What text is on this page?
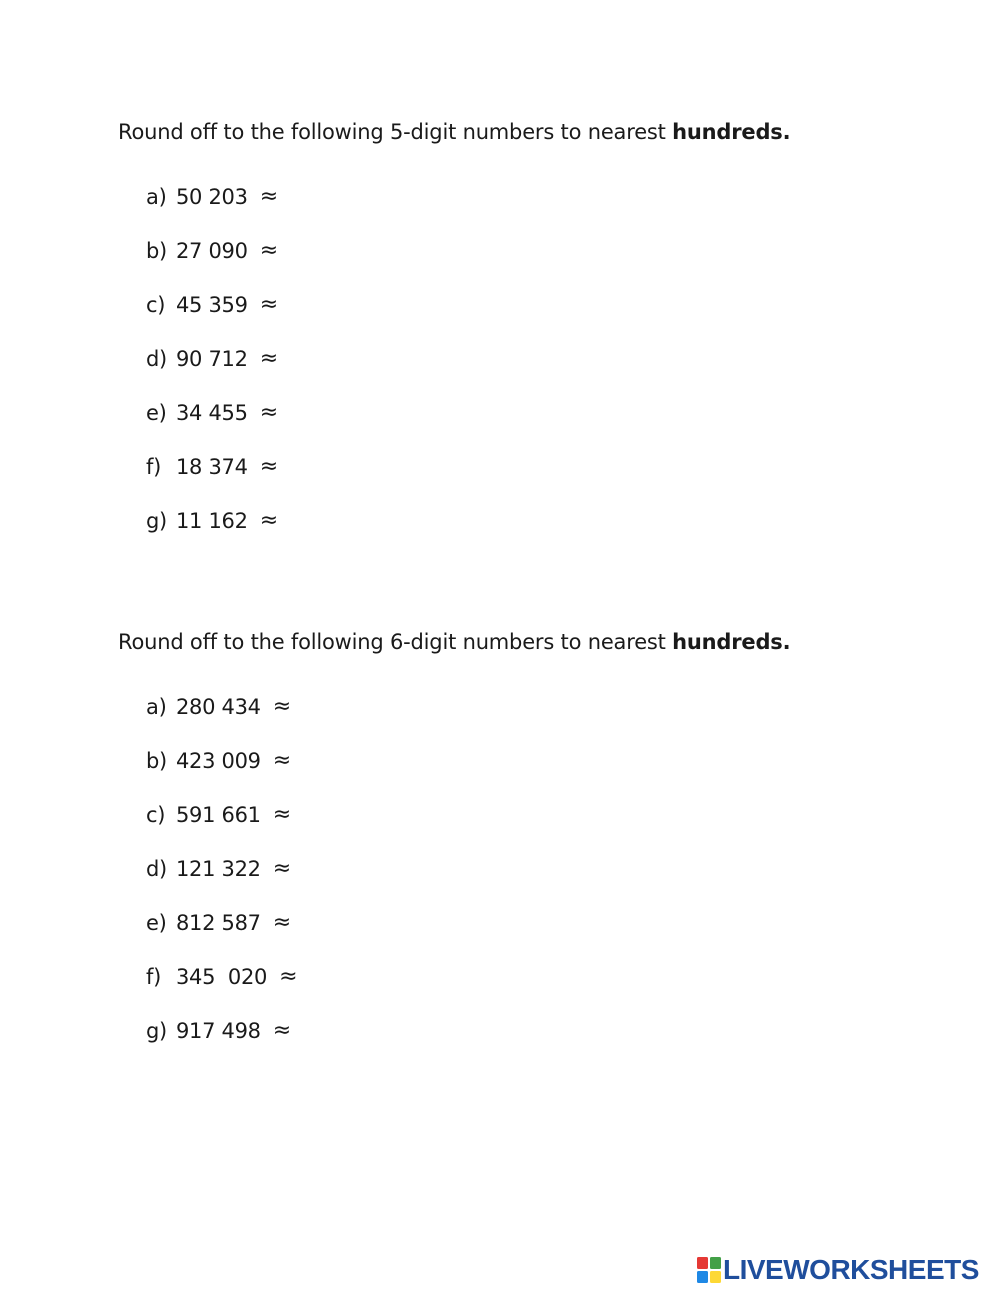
Round off to the following 5-digit numbers to nearest hundreds.

a) 50 203 ≈
b) 27 090 ≈
c) 45 359 ≈
d) 90 712 ≈
e) 34 455 ≈
f) 18 374 ≈
g) 11 162 ≈

Round off to the following 6-digit numbers to nearest hundreds.

a) 280 434 ≈
b) 423 009 ≈
c) 591 661 ≈
d) 121 322 ≈
e) 812 587 ≈
f) 345  020 ≈
g) 917 498 ≈
LIVEWORKSHEETS
